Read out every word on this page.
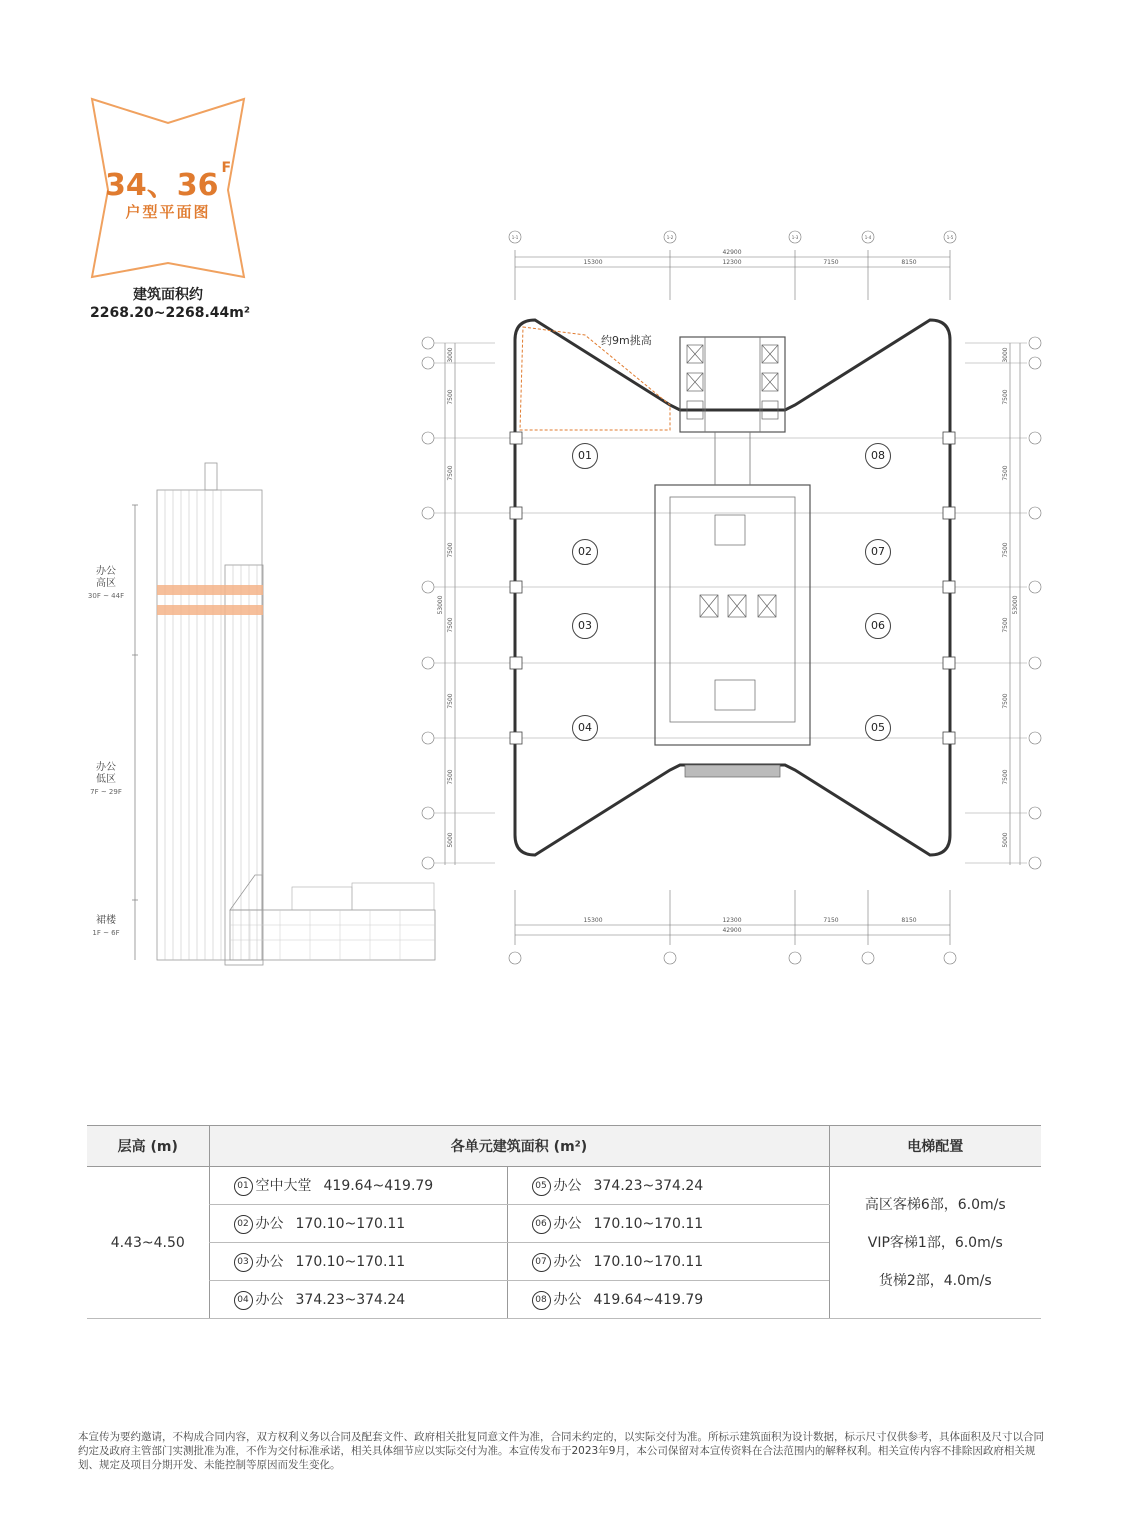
34、36 $^F$
户型平面图
建筑面积约
2268.20~2268.44m²
办公
高区
30F ~ 44F
办公
低区
7F ~ 29F
裙楼
1F ~ 6F
42900
15300	12300	7150	8150
15300	12300	7150	8150
42900
3000
7500
7500
7500
7500
7500
7500
5000
53000
3000
7500
7500
7500
7500
7500
7500
5000
53000
1-1	1-2	1-3	1-4	1-5
约9m挑高
01
02
03
04	05
06
07
08
层高 (m)	各单元建筑面积 (m²)		电梯配置
4.43~4.50	01 空中大堂 419.64~419.79	05 办公 374.23~374.24	高区客梯6部，6.0m/s
VIP客梯1部，6.0m/s
货梯2部，4.0m/s

	02 办公 170.10~170.11	06 办公 170.10~170.11	
	03 办公 170.10~170.11	07 办公 170.10~170.11	
	04 办公 374.23~374.24	08 办公 419.64~419.79	
本宣传为要约邀请，不构成合同内容，双方权利义务以合同及配套文件、政府相关批复同意文件为准，合同未约定的，以实际交付为准。所标示建筑面积为设计数据，标示尺寸仅供参考，具体面积及尺寸以合同约定及政府主管部门实测批准为准，不作为交付标准承诺，相关具体细节应以实际交付为准。本宣传发布于2023年9月，本公司保留对本宣传资料在合法范围内的解释权利。相关宣传内容不排除因政府相关规划、规定及项目分期开发、未能控制等原因而发生变化。
